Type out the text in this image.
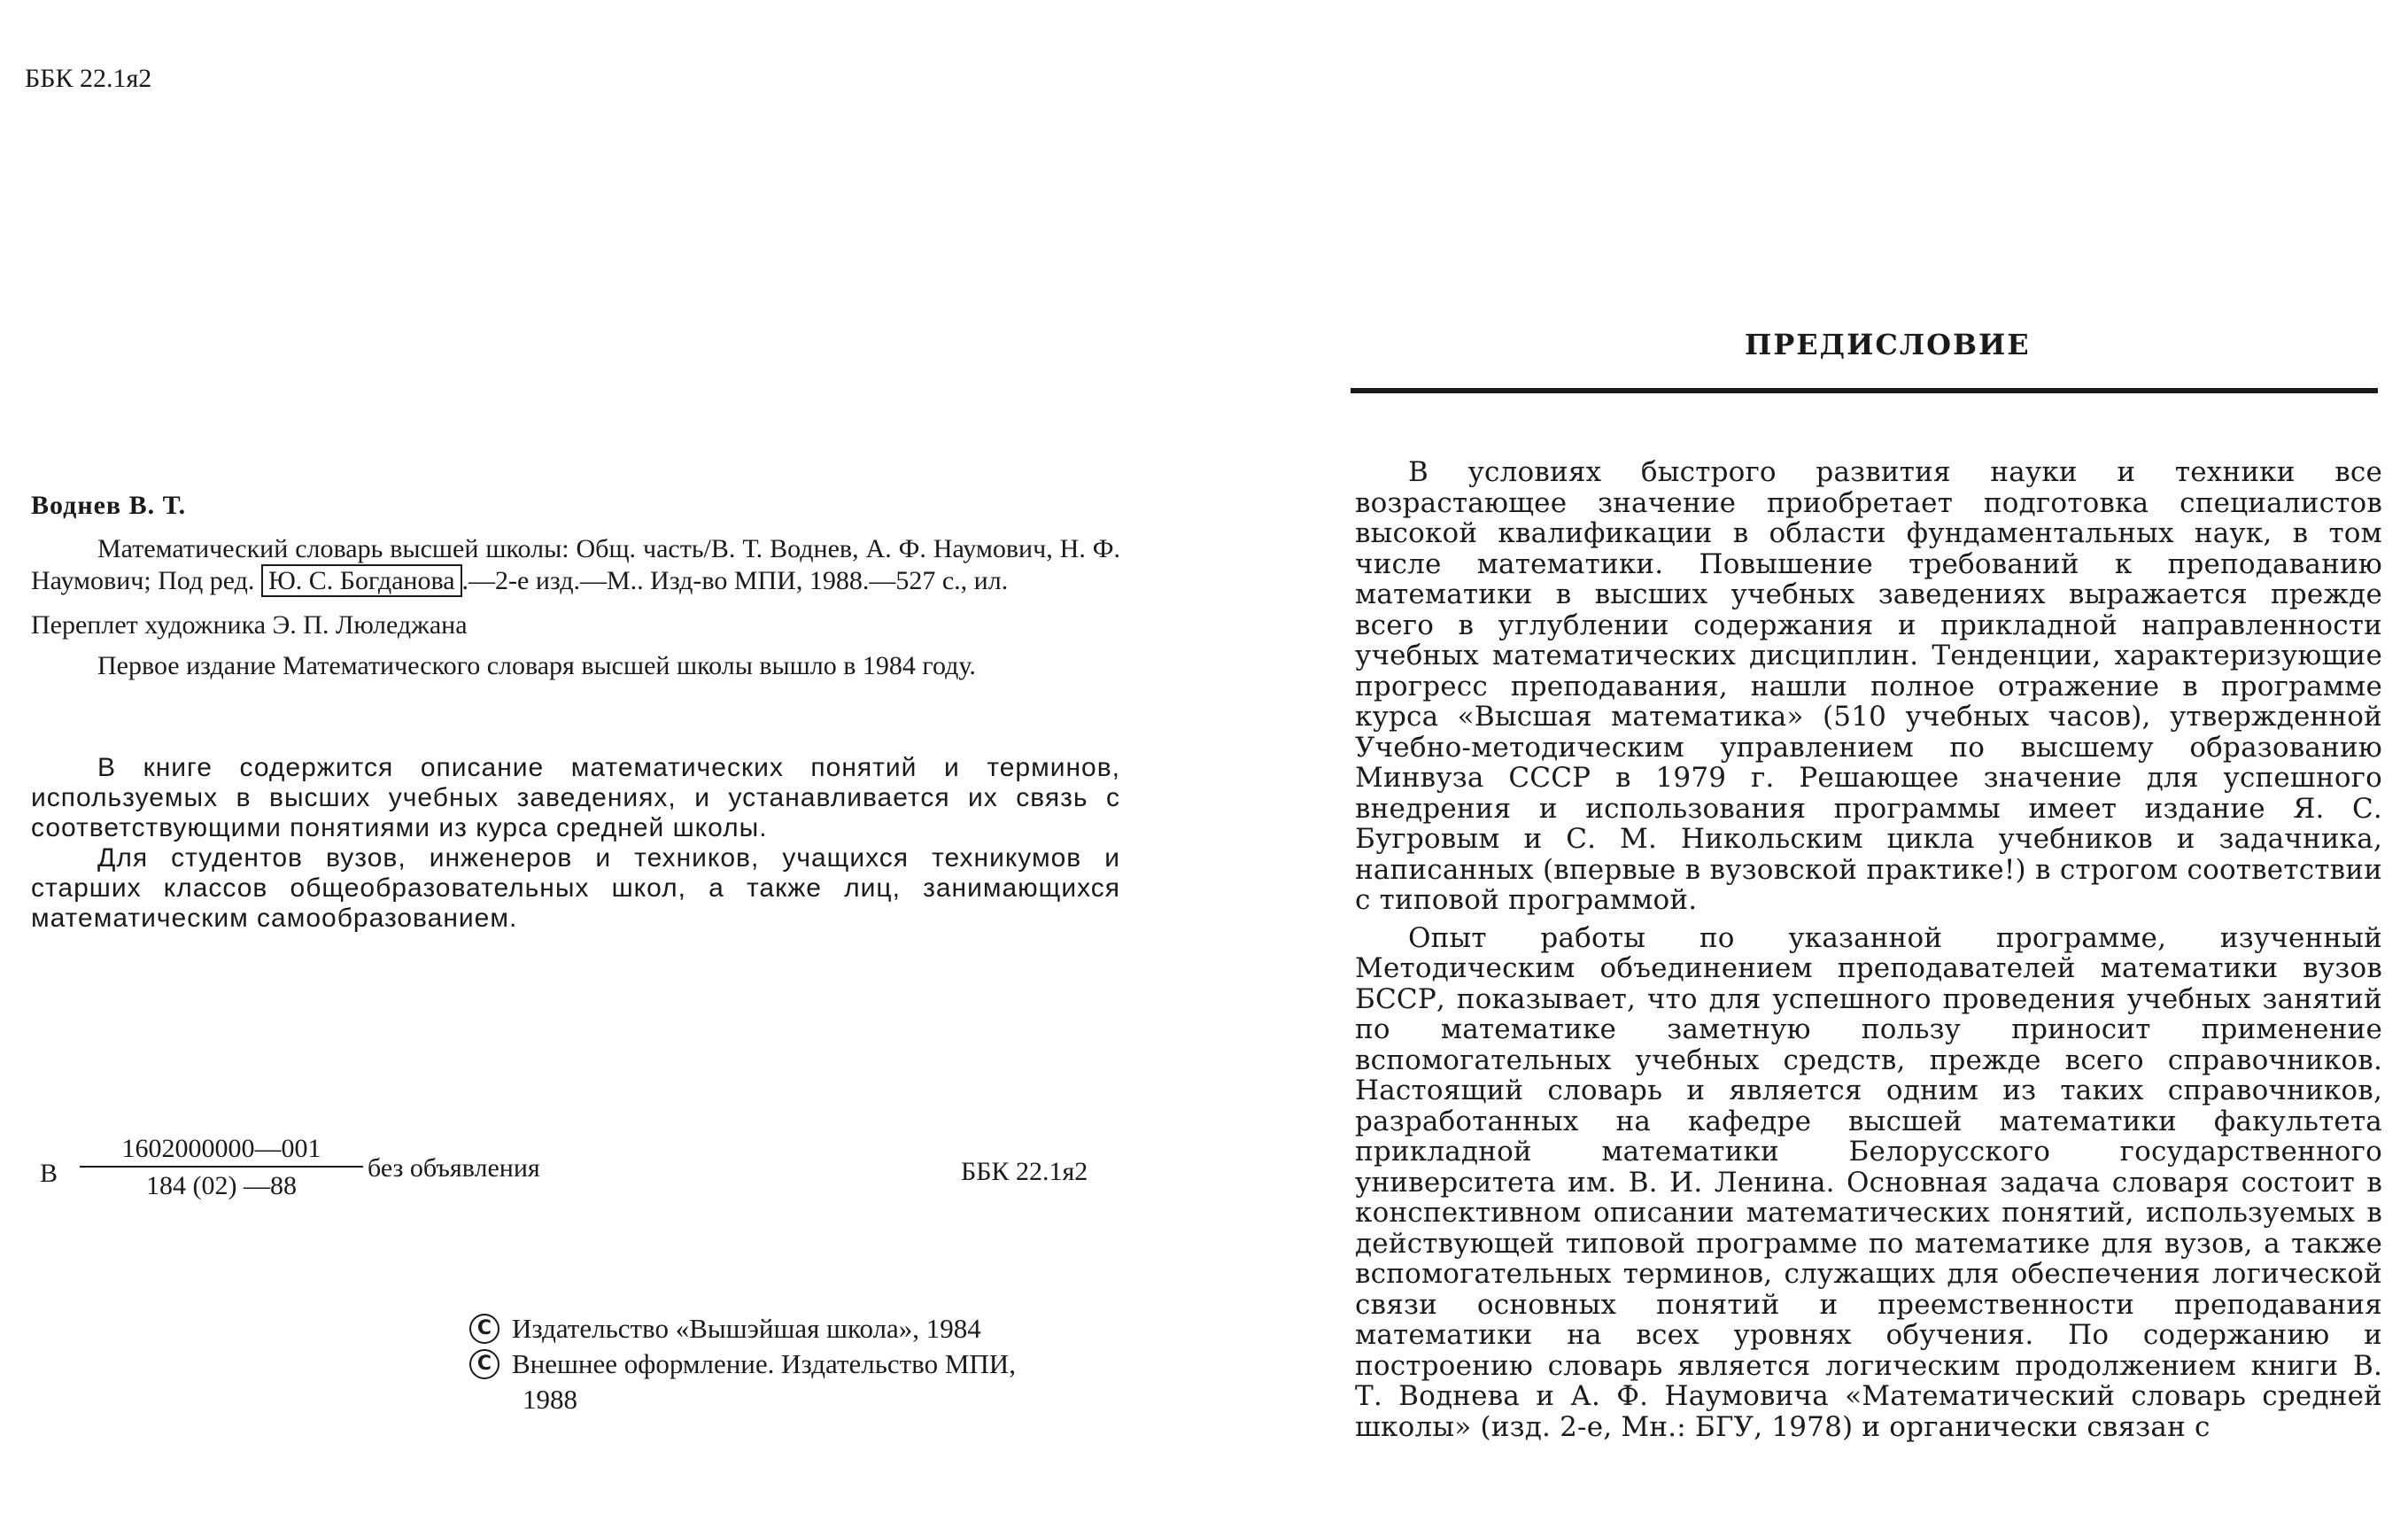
ББК 22.1я2
Воднев В. Т.

Математический словарь высшей школы: Общ. часть/В. Т. Воднев, А. Ф. Наумович, Н. Ф. Наумович; Под ред. Ю. С. Богданова .—2-е изд.—М.. Изд-во МПИ, 1988.—527 с., ил.

Переплет художника Э. П. Люледжана

Первое издание Математического словаря высшей школы вышло в 1984 году.

В книге содержится описание математических понятий и терминов, используемых в высших учебных заведениях, и устанавливается их связь с соответствующими понятиями из курса средней школы.

Для студентов вузов, инженеров и техников, учащихся техникумов и старших классов общеобразовательных школ, а также лиц, занимающихся математическим самообразованием.

В $\frac{1602000000—001}{184 (02) —88}$ без объявления	ББК 22.1я2
C Издательство «Вышэйшая школа», 1984
C Внешнее оформление. Издательство МПИ,
1988
ПРЕДИСЛОВИЕ

В условиях быстрого развития науки и техники все возрастающее значение приобретает подготовка специалистов высокой квалификации в области фундаментальных наук, в том числе математики. Повышение требований к преподаванию математики в высших учебных заведениях выражается прежде всего в углублении содержания и прикладной направленности учебных математических дисциплин. Тенденции, характеризующие прогресс преподавания, нашли полное отражение в программе курса «Высшая математика» (510 учебных часов), утвержденной Учебно-методическим управлением по высшему образованию Минвуза СССР в 1979 г. Решающее значение для успешного внедрения и использования программы имеет издание Я. С. Бугровым и С. М. Никольским цикла учебников и задачника, написанных (впервые в вузовской практике!) в строгом соответствии с типовой программой.

Опыт работы по указанной программе, изученный Методическим объединением преподавателей математики вузов БССР, показывает, что для успешного проведения учебных занятий по математике заметную пользу приносит применение вспомогательных учебных средств, прежде всего справочников. Настоящий словарь и является одним из таких справочников, разработанных на кафедре высшей математики факультета прикладной математики Белорусского государственного университета им. В. И. Ленина. Основная задача словаря состоит в конспективном описании математических понятий, используемых в действующей типовой программе по математике для вузов, а также вспомогательных терминов, служащих для обеспечения логической связи основных понятий и преемственности преподавания математики на всех уровнях обучения. По содержанию и построению словарь является логическим продолжением книги В. Т. Воднева и А. Ф. Наумовича «Математический словарь средней школы» (изд. 2-е, Мн.: БГУ, 1978) и органически связан с
